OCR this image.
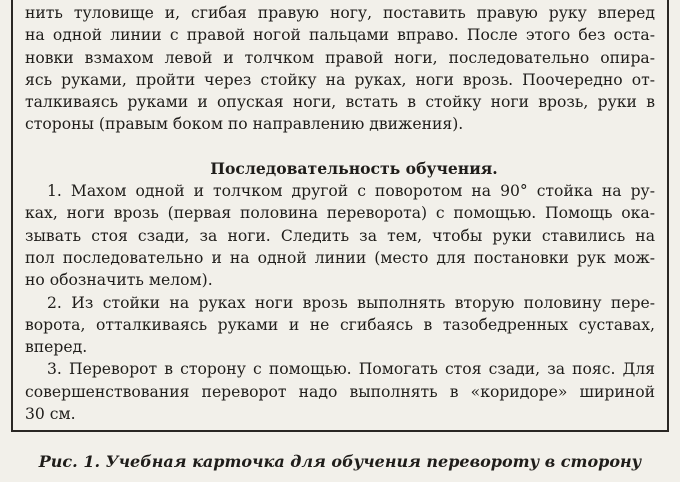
нить туловище и, сгибая правую ногу, поставить правую руку вперед
на одной линии с правой ногой пальцами вправо. После этого без оста-
новки взмахом левой и толчком правой ноги, последовательно опира-
ясь руками, пройти через стойку на руках, ноги врозь. Поочередно от-
талкиваясь руками и опуская ноги, встать в стойку ноги врозь, руки в
стороны (правым боком по направлению движения).
Последовательность обучения.
1. Махом одной и толчком другой с поворотом на 90° стойка на ру-
ках, ноги врозь (первая половина переворота) с помощью. Помощь ока-
зывать стоя сзади, за ноги. Следить за тем, чтобы руки ставились на
пол последовательно и на одной линии (место для постановки рук мож-
но обозначить мелом).
2. Из стойки на руках ноги врозь выполнять вторую половину пере-
ворота, отталкиваясь руками и не сгибаясь в тазобедренных суставах,
вперед.
3. Переворот в сторону с помощью. Помогать стоя сзади, за пояс. Для
совершенствования переворот надо выполнять в «коридоре» шириной
30 см.
Рис. 1. Учебная карточка для обучения перевороту в сторону
